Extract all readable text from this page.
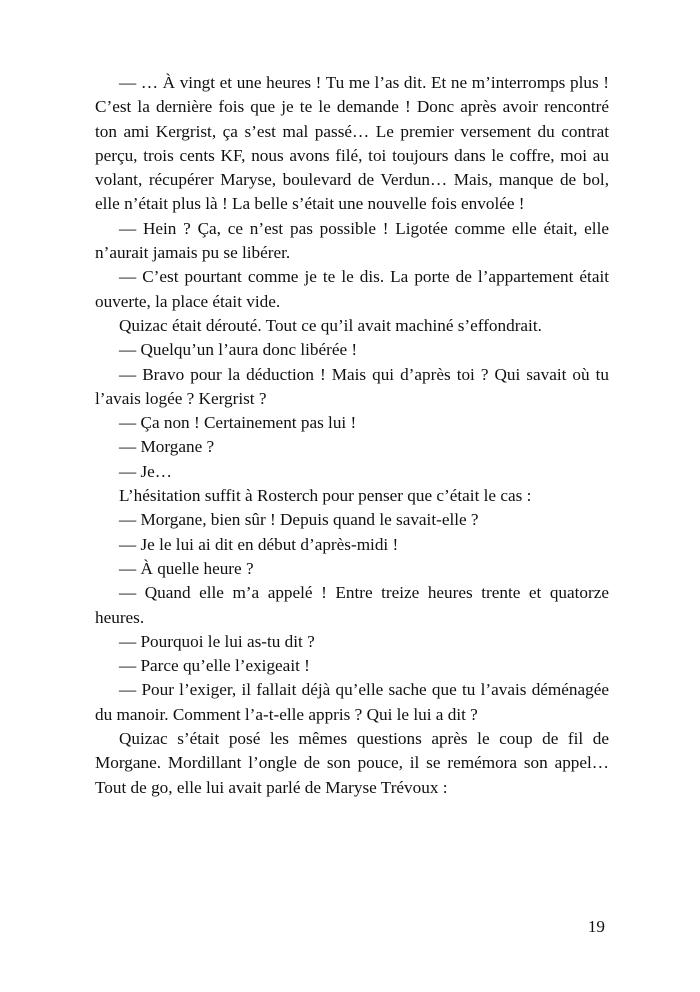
— … À vingt et une heures ! Tu me l’as dit. Et ne m’interromps plus ! C’est la dernière fois que je te le demande ! Donc après avoir rencontré ton ami Kergrist, ça s’est mal passé… Le premier versement du contrat perçu, trois cents KF, nous avons filé, toi toujours dans le coffre, moi au volant, récupérer Maryse, boulevard de Verdun… Mais, manque de bol, elle n’était plus là ! La belle s’était une nouvelle fois envolée !

— Hein ? Ça, ce n’est pas possible ! Ligotée comme elle était, elle n’aurait jamais pu se libérer.

— C’est pourtant comme je te le dis. La porte de l’appartement était ouverte, la place était vide.

Quizac était dérouté. Tout ce qu’il avait machiné s’effondrait.

— Quelqu’un l’aura donc libérée !

— Bravo pour la déduction ! Mais qui d’après toi ? Qui savait où tu l’avais logée ? Kergrist ?

— Ça non ! Certainement pas lui !

— Morgane ?

— Je…

L’hésitation suffit à Rosterch pour penser que c’était le cas :

— Morgane, bien sûr ! Depuis quand le savait-elle ?

— Je le lui ai dit en début d’après-midi !

— À quelle heure ?

— Quand elle m’a appelé ! Entre treize heures trente et quatorze heures.

— Pourquoi le lui as-tu dit ?

— Parce qu’elle l’exigeait !

— Pour l’exiger, il fallait déjà qu’elle sache que tu l’avais déménagée du manoir. Comment l’a-t-elle appris ? Qui le lui a dit ?

Quizac s’était posé les mêmes questions après le coup de fil de Morgane. Mordillant l’ongle de son pouce, il se remémora son appel… Tout de go, elle lui avait parlé de Maryse Trévoux :

19
